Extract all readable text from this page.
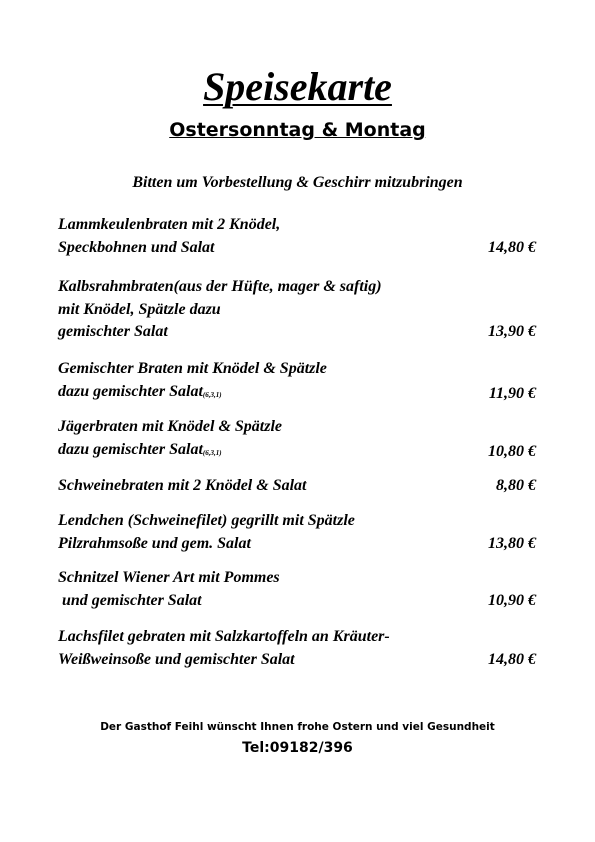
Speisekarte
Ostersonntag & Montag
Bitten um Vorbestellung & Geschirr mitzubringen
Lammkeulenbraten mit 2 Knödel,
Speckbohnen und Salat	14,80 €
Kalbsrahmbraten(aus der Hüfte, mager & saftig)
mit Knödel, Spätzle dazu
gemischter Salat	13,90 €
Gemischter Braten mit Knödel & Spätzle
dazu gemischter Salat$_{(6,3,1)}$	11,90 €
Jägerbraten mit Knödel & Spätzle
dazu gemischter Salat$_{(6,3,1)}$	10,80 €
Schweinebraten mit 2 Knödel & Salat	8,80 €
Lendchen (Schweinefilet) gegrillt mit Spätzle
Pilzrahmsoße und gem. Salat	13,80 €
Schnitzel Wiener Art mit Pommes
und gemischter Salat	10,90 €
Lachsfilet gebraten mit Salzkartoffeln an Kräuter-
Weißweinsoße und gemischter Salat	14,80 €
Der Gasthof Feihl wünscht Ihnen frohe Ostern und viel Gesundheit
Tel:09182/396
